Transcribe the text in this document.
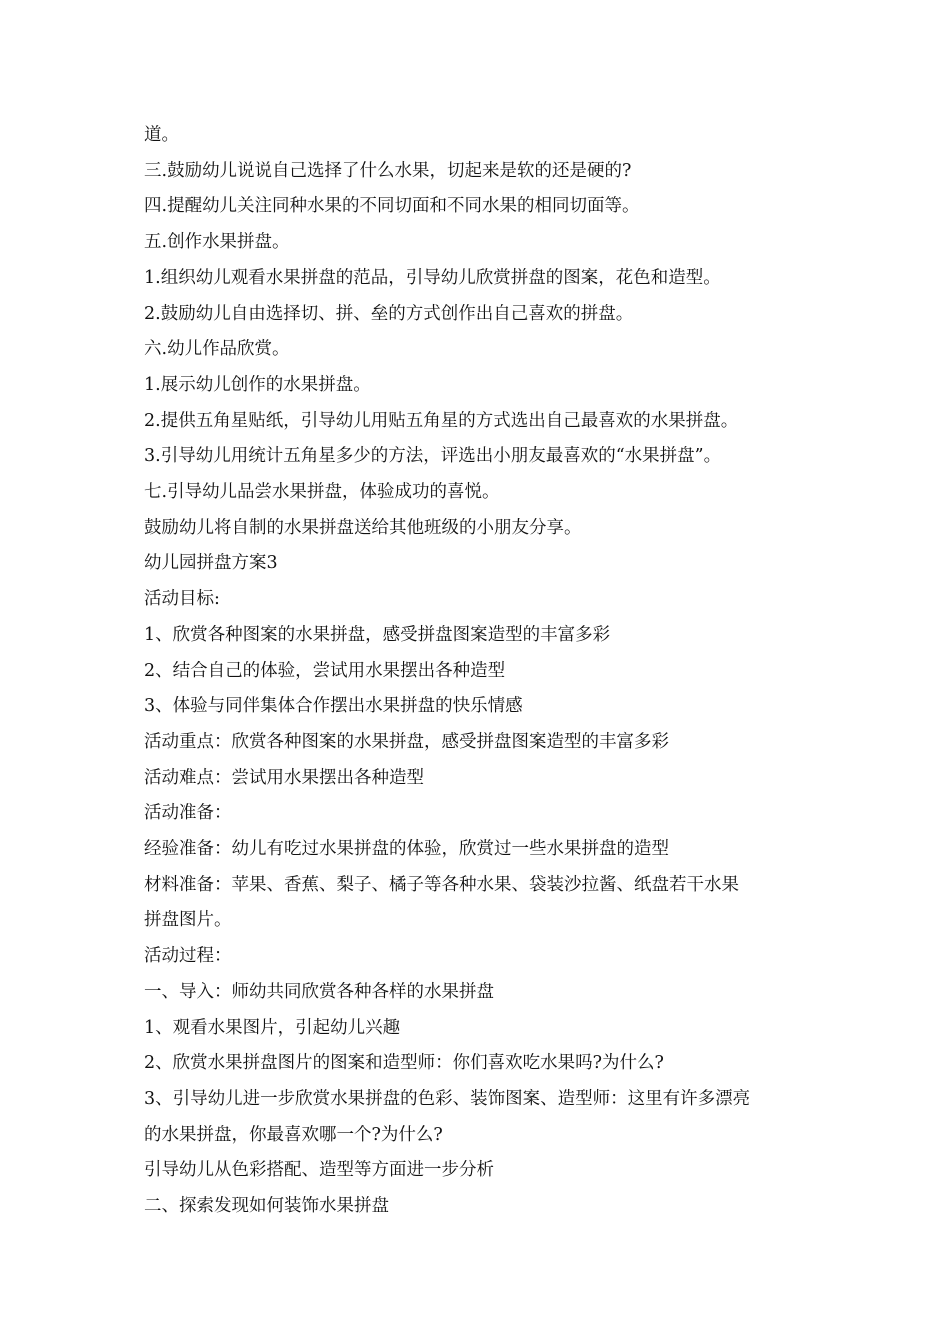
道。
三.鼓励幼儿说说自己选择了什么水果，切起来是软的还是硬的?
四.提醒幼儿关注同种水果的不同切面和不同水果的相同切面等。
五.创作水果拼盘。
1.组织幼儿观看水果拼盘的范品，引导幼儿欣赏拼盘的图案，花色和造型。
2.鼓励幼儿自由选择切、拼、垒的方式创作出自己喜欢的拼盘。
六.幼儿作品欣赏。
1.展示幼儿创作的水果拼盘。
2.提供五角星贴纸，引导幼儿用贴五角星的方式选出自己最喜欢的水果拼盘。
3.引导幼儿用统计五角星多少的方法，评选出小朋友最喜欢的“水果拼盘”。
七.引导幼儿品尝水果拼盘，体验成功的喜悦。
鼓励幼儿将自制的水果拼盘送给其他班级的小朋友分享。
幼儿园拼盘方案3
活动目标:
1、欣赏各种图案的水果拼盘，感受拼盘图案造型的丰富多彩
2、结合自己的体验，尝试用水果摆出各种造型
3、体验与同伴集体合作摆出水果拼盘的快乐情感
活动重点：欣赏各种图案的水果拼盘，感受拼盘图案造型的丰富多彩
活动难点：尝试用水果摆出各种造型
活动准备：
经验准备：幼儿有吃过水果拼盘的体验，欣赏过一些水果拼盘的造型
材料准备：苹果、香蕉、梨子、橘子等各种水果、袋装沙拉酱、纸盘若干水果
拼盘图片。
活动过程：
一、导入：师幼共同欣赏各种各样的水果拼盘
1、观看水果图片，引起幼儿兴趣
2、欣赏水果拼盘图片的图案和造型师：你们喜欢吃水果吗?为什么?
3、引导幼儿进一步欣赏水果拼盘的色彩、装饰图案、造型师：这里有许多漂亮
的水果拼盘，你最喜欢哪一个?为什么?
引导幼儿从色彩搭配、造型等方面进一步分析
二、探索发现如何装饰水果拼盘
